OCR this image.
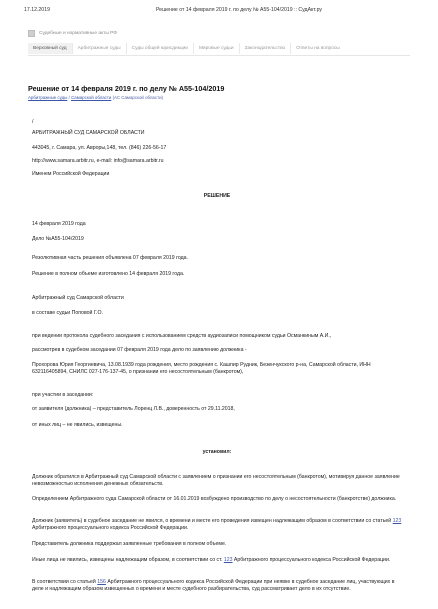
17.12.2019	Решение от 14 февраля 2019 г. по делу № А55-104/2019 :: СудАкт.ру
Судебные и нормативные акты РФ
Верховный суд	Арбитражные суды	Суды общей юрисдикции	Мировые судьи	Законодательство	Ответы на вопросы
Решение от 14 февраля 2019 г. по делу № А55-104/2019
Арбитражные суды / Самарской области (АС Самарской области)
/
АРБИТРАЖНЫЙ СУД САМАРСКОЙ ОБЛАСТИ
443045, г. Самара, ул. Авроры,148, тел. (846) 226-56-17
http://www.samara.arbitr.ru, e-mail: info@samara.arbitr.ru
Именем Российской Федерации
РЕШЕНИЕ
14 февраля 2019 года
Дело №А55-104/2019
Резолютивная часть решения объявлена 07 февраля 2019 года.
Решение в полном объеме изготовлено 14 февраля 2019 года.
Арбитражный суд Самарской области
в составе судьи Поповой Г.О.
при ведении протокола судебного заседания с использованием средств аудиозаписи помощником судьи Османкиным А.И.,
рассмотрев в судебном заседании 07 февраля 2019 года дело по заявлению должника -
Прохорова Юрия Георгиевича, 13.08.1939 года рождения, место рождения с. Кашпир Рудник, Безенчукского р-на, Самарской области, ИНН 632116405894, СНИЛС 027-176-137-45, о признании его несостоятельным (банкротом),
при участии в заседании:
от заявителя (должника) – представитель Лоренц Л.В., доверенность от 29.11.2018,
от иных лиц – не явились, извещены.
установил:
Должник обратился в Арбитражный суд Самарской области с заявлением о признании его несостоятельным (банкротом), мотивируя данное заявление невозможностью исполнения денежных обязательств.
Определением Арбитражного суда Самарской области от 16.01.2019 возбуждено производство по делу о несостоятельности (банкротстве) должника.
Должник (заявитель) в судебное заседание не явился, о времени и месте его проведения извещен надлежащим образом в соответствии со статьей 123 Арбитражного процессуального кодекса Российской Федерации.
Представитель должника поддержал заявленные требования в полном объеме.
Иные лица не явились, извещены надлежащим образом, в соответствии со ст. 123 Арбитражного процессуального кодекса Российской Федерации.
В соответствии со статьей 156 Арбитражного процессуального кодекса Российской Федерации при неявке в судебное заседание лиц, участвующих в деле и надлежащим образом извещенных о времени и месте судебного разбирательства, суд рассматривает дело в их отсутствие.
